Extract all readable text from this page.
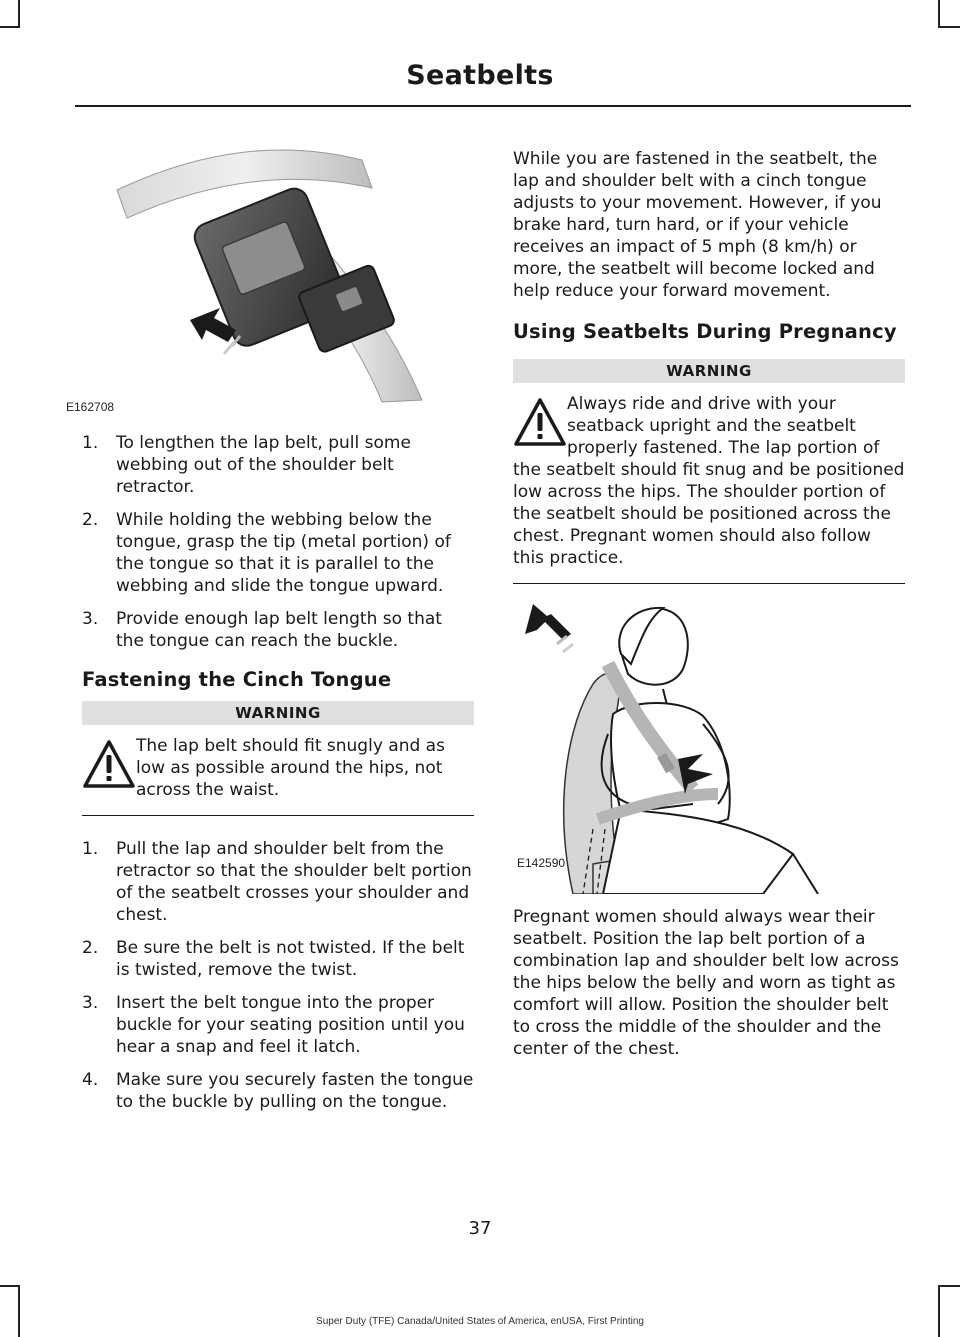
Seatbelts
E162708
1. To lengthen the lap belt, pull some webbing out of the shoulder belt retractor.
2. While holding the webbing below the tongue, grasp the tip (metal portion) of the tongue so that it is parallel to the webbing and slide the tongue upward.
3. Provide enough lap belt length so that the tongue can reach the buckle.
Fastening the Cinch Tongue
WARNING
The lap belt should fit snugly and as low as possible around the hips, not across the waist.
1. Pull the lap and shoulder belt from the retractor so that the shoulder belt portion of the seatbelt crosses your shoulder and chest.
2. Be sure the belt is not twisted. If the belt is twisted, remove the twist.
3. Insert the belt tongue into the proper buckle for your seating position until you hear a snap and feel it latch.
4. Make sure you securely fasten the tongue to the buckle by pulling on the tongue.

While you are fastened in the seatbelt, the lap and shoulder belt with a cinch tongue adjusts to your movement. However, if you brake hard, turn hard, or if your vehicle receives an impact of 5 mph (8 km/h) or more, the seatbelt will become locked and help reduce your forward movement.

Using Seatbelts During Pregnancy
WARNING
Always ride and drive with your seatback upright and the seatbelt properly fastened. The lap portion of the seatbelt should fit snug and be positioned low across the hips. The shoulder portion of the seatbelt should be positioned across the chest. Pregnant women should also follow this practice.
E142590

Pregnant women should always wear their seatbelt. Position the lap belt portion of a combination lap and shoulder belt low across the hips below the belly and worn as tight as comfort will allow. Position the shoulder belt to cross the middle of the shoulder and the center of the chest.

37
Super Duty (TFE) Canada/United States of America, enUSA, First Printing
